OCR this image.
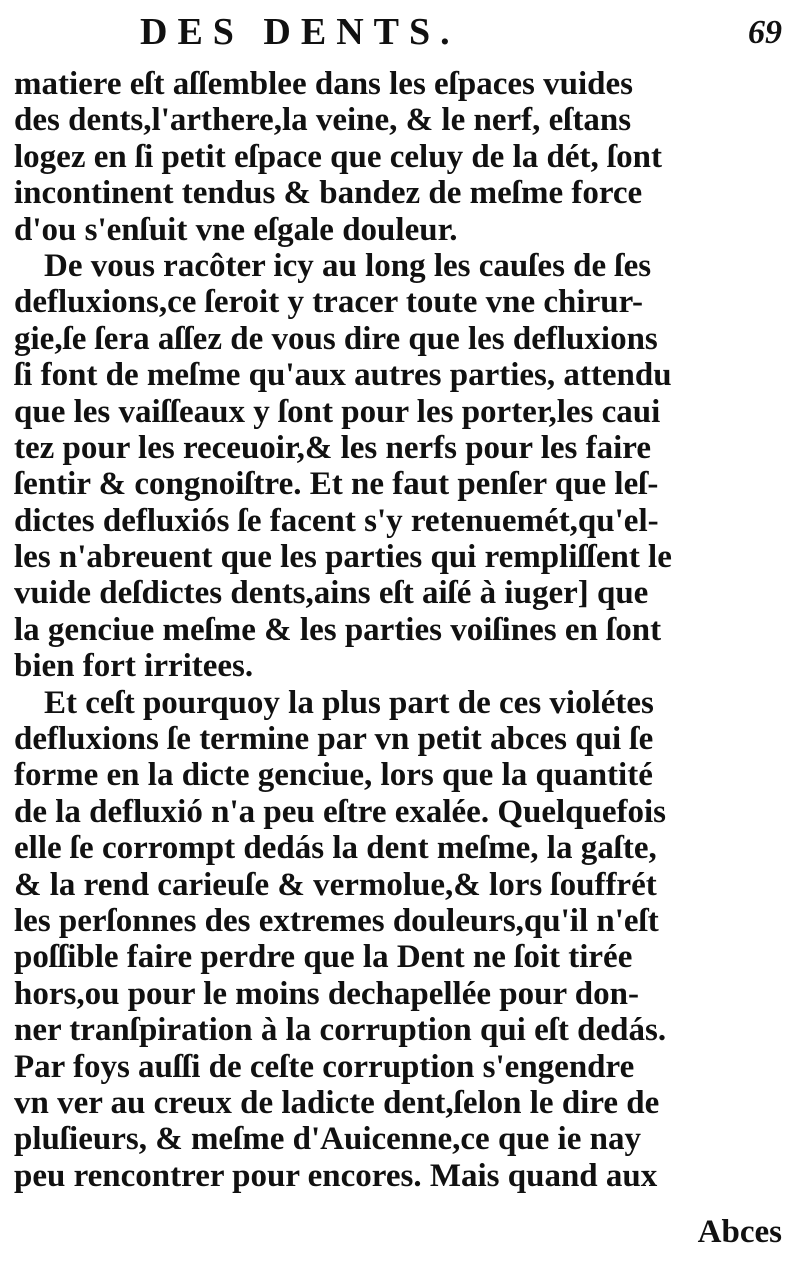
DES DENTS.	69
matiere eſt aſſemblee dans les eſpaces vuides
des dents,l'arthere,la veine, & le nerf, eſtans
logez en ſi petit eſpace que celuy de la dét, ſont
incontinent tendus & bandez de meſme force
d'ou s'enſuit vne eſgale douleur.
De vous racôter icy au long les cauſes de ſes
defluxions,ce ſeroit y tracer toute vne chirur-
gie,ſe ſera aſſez de vous dire que les defluxions
ſi font de meſme qu'aux autres parties, attendu
que les vaiſſeaux y ſont pour les porter,les caui
tez pour les receuoir,& les nerfs pour les faire
ſentir & congnoiſtre. Et ne faut penſer que leſ-
dictes defluxiós ſe facent s'y retenuemét,qu'el-
les n'abreuent que les parties qui rempliſſent le
vuide deſdictes dents,ains eſt aiſé à iuger] que
la genciue meſme & les parties voiſines en ſont
bien fort irritees.
Et ceſt pourquoy la plus part de ces violétes
defluxions ſe termine par vn petit abces qui ſe
forme en la dicte genciue, lors que la quantité
de la defluxió n'a peu eſtre exalée. Quelquefois
elle ſe corrompt dedás la dent meſme, la gaſte,
& la rend carieuſe & vermolue,& lors ſouffrét
les perſonnes des extremes douleurs,qu'il n'eſt
poſſible faire perdre que la Dent ne ſoit tirée
hors,ou pour le moins dechapellée pour don-
ner tranſpiration à la corruption qui eſt dedás.
Par foys auſſi de ceſte corruption s'engendre
vn ver au creux de ladicte dent,ſelon le dire de
pluſieurs, & meſme d'Auicenne,ce que ie nay
peu rencontrer pour encores. Mais quand aux
Abces
